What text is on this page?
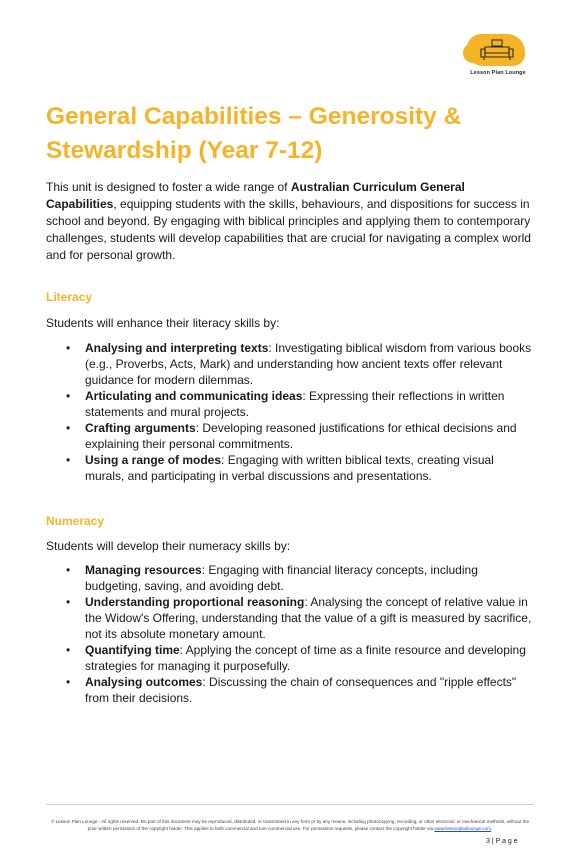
Lesson Plan Lounge
General Capabilities – Generosity & Stewardship (Year 7-12)

This unit is designed to foster a wide range of Australian Curriculum General Capabilities, equipping students with the skills, behaviours, and dispositions for success in school and beyond. By engaging with biblical principles and applying them to contemporary challenges, students will develop capabilities that are crucial for navigating a complex world and for personal growth.

Literacy

Students will enhance their literacy skills by:

• Analysing and interpreting texts: Investigating biblical wisdom from various books (e.g., Proverbs, Acts, Mark) and understanding how ancient texts offer relevant guidance for modern dilemmas.
• Articulating and communicating ideas: Expressing their reflections in written statements and mural projects.
• Crafting arguments: Developing reasoned justifications for ethical decisions and explaining their personal commitments.
• Using a range of modes: Engaging with written biblical texts, creating visual murals, and participating in verbal discussions and presentations.
Numeracy

Students will develop their numeracy skills by:

• Managing resources: Engaging with financial literacy concepts, including budgeting, saving, and avoiding debt.
• Understanding proportional reasoning: Analysing the concept of relative value in the Widow's Offering, understanding that the value of a gift is measured by sacrifice, not its absolute monetary amount.
• Quantifying time: Applying the concept of time as a finite resource and developing strategies for managing it purposefully.
• Analysing outcomes: Discussing the chain of consequences and "ripple effects" from their decisions.

© Lesson Plan Lounge - All rights reserved. No part of this document may be reproduced, distributed, or transmitted in any form or by any means, including photocopying, recording, or other electronic or mechanical methods, without the prior written permission of the copyright holder. This applies to both commercial and non-commercial use. For permission requests, please contact the copyright holder via www.lessonplanlounge.com.

3 | P a g e
